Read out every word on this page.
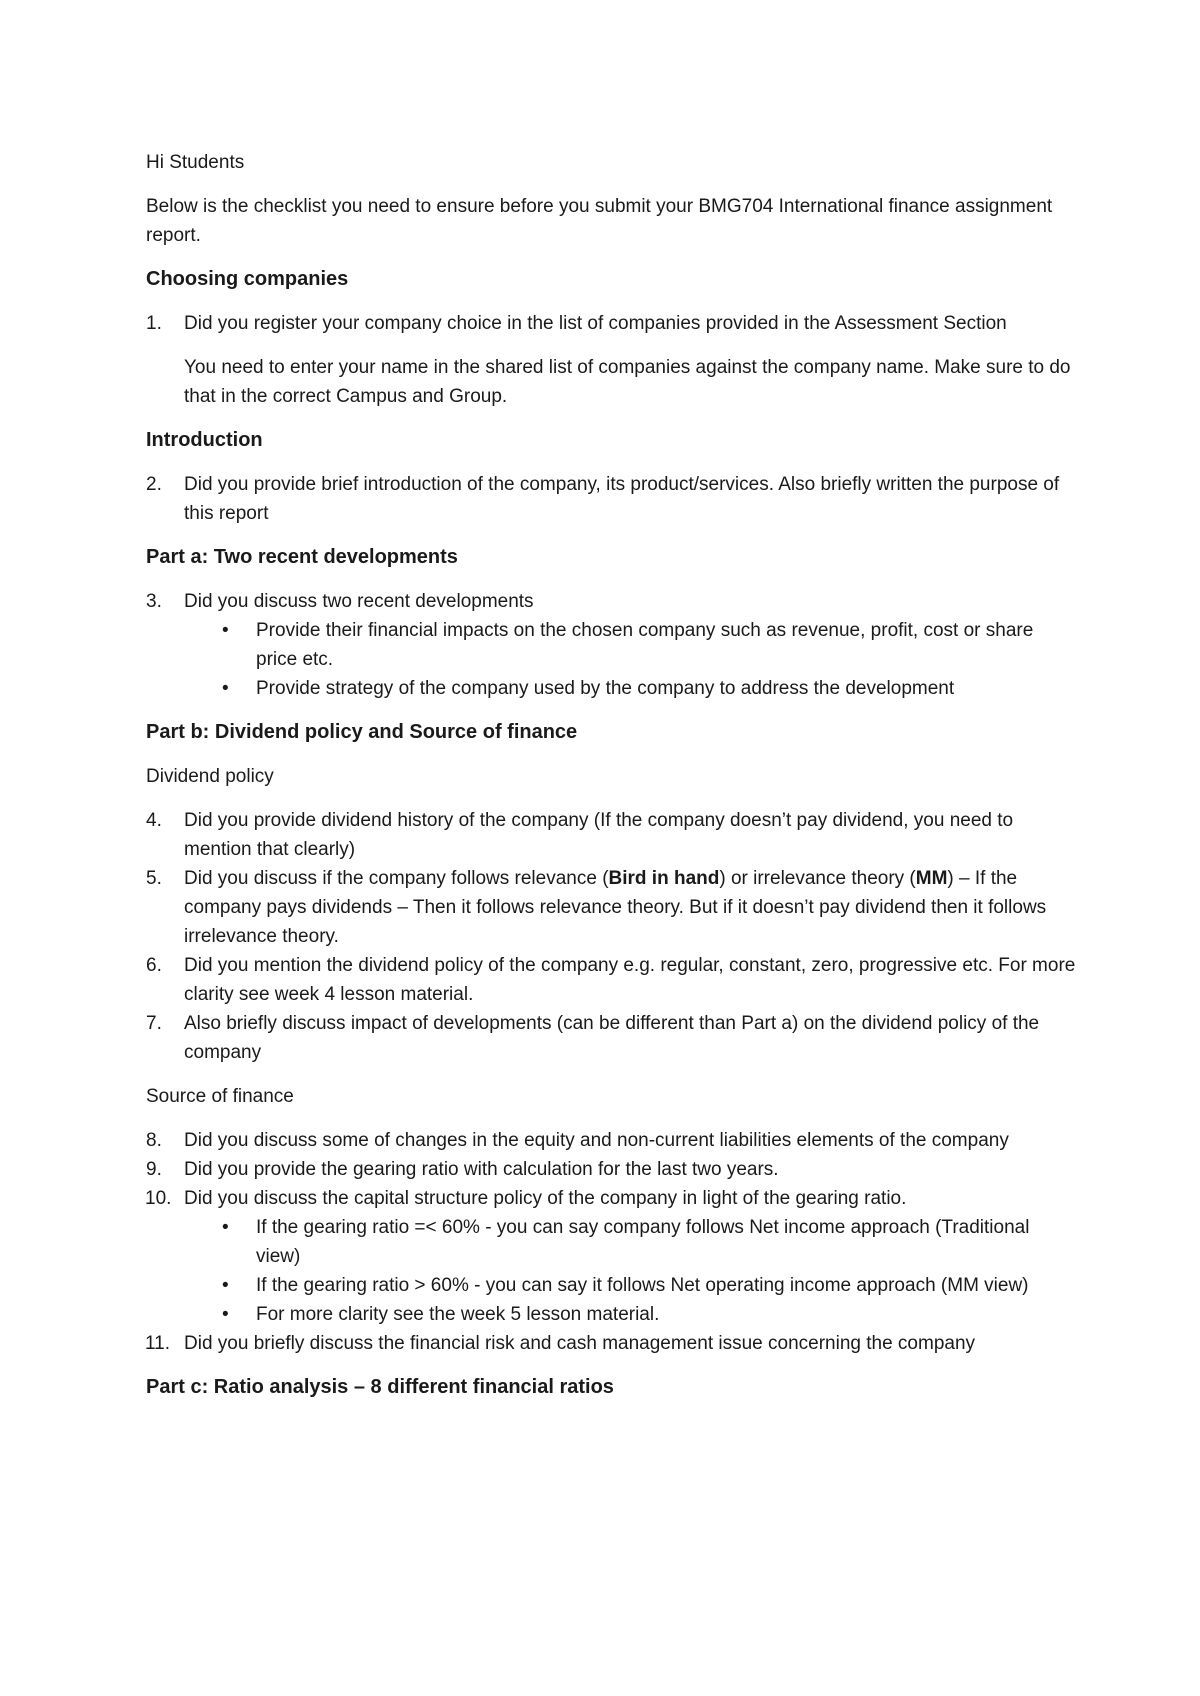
Hi Students

Below is the checklist you need to ensure before you submit your BMG704 International finance assignment report.

Choosing companies
1. Did you register your company choice in the list of companies provided in the Assessment Section

You need to enter your name in the shared list of companies against the company name. Make sure to do that in the correct Campus and Group.

Introduction
2. Did you provide brief introduction of the company, its product/services. Also briefly written the purpose of this report
Part a: Two recent developments
3. Did you discuss two recent developments
• Provide their financial impacts on the chosen company such as revenue, profit, cost or share price etc.
• Provide strategy of the company used by the company to address the development
Part b: Dividend policy and Source of finance

Dividend policy

4. Did you provide dividend history of the company (If the company doesn’t pay dividend, you need to mention that clearly)
5. Did you discuss if the company follows relevance (Bird in hand) or irrelevance theory (MM) – If the company pays dividends – Then it follows relevance theory. But if it doesn’t pay dividend then it follows irrelevance theory.
6. Did you mention the dividend policy of the company e.g. regular, constant, zero, progressive etc. For more clarity see week 4 lesson material.
7. Also briefly discuss impact of developments (can be different than Part a) on the dividend policy of the company

Source of finance

8. Did you discuss some of changes in the equity and non-current liabilities elements of the company
9. Did you provide the gearing ratio with calculation for the last two years.
10. Did you discuss the capital structure policy of the company in light of the gearing ratio.
• If the gearing ratio =< 60% - you can say company follows Net income approach (Traditional view)
• If the gearing ratio > 60% - you can say it follows Net operating income approach (MM view)
• For more clarity see the week 5 lesson material.
11. Did you briefly discuss the financial risk and cash management issue concerning the company
Part c: Ratio analysis – 8 different financial ratios
